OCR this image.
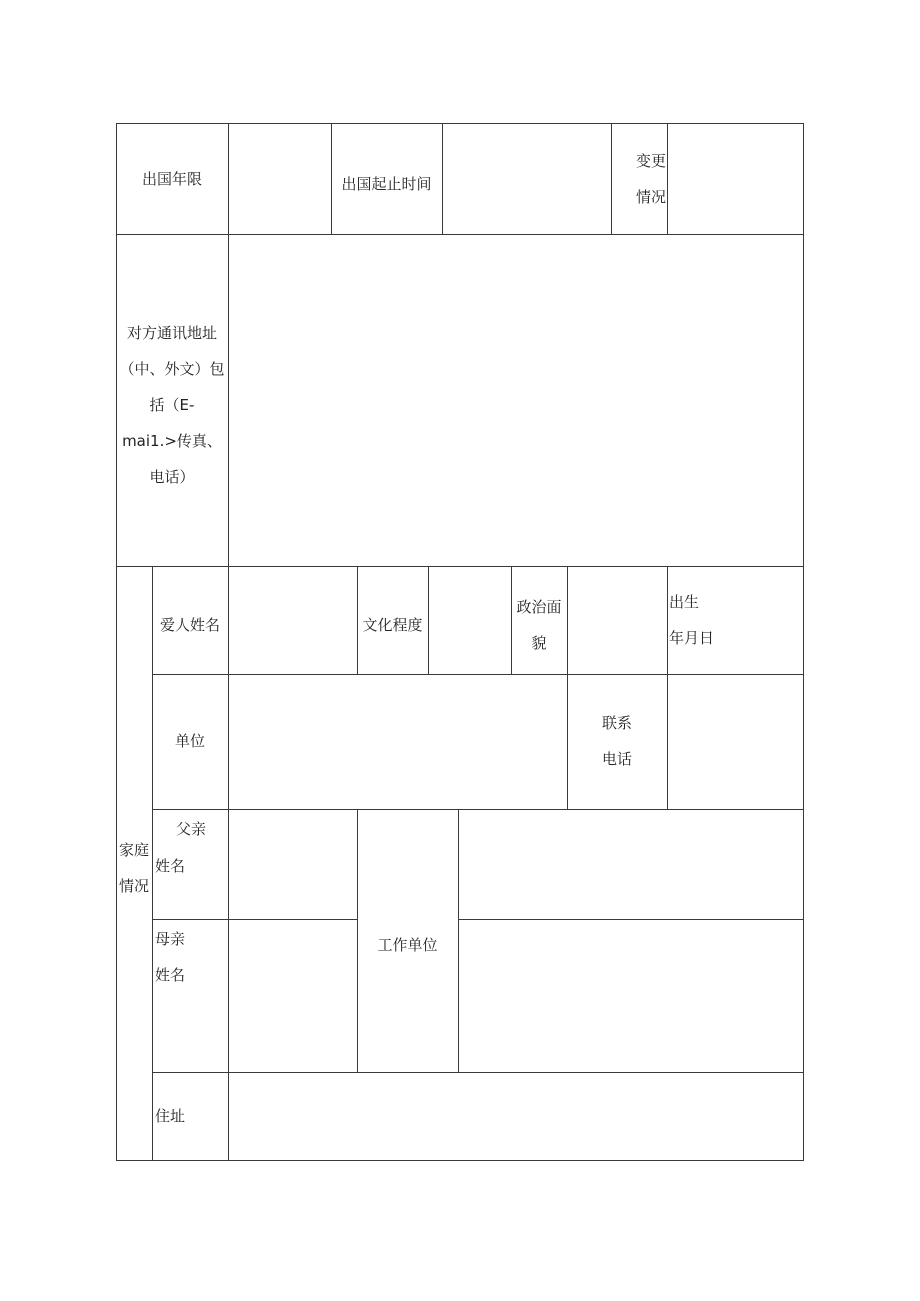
出国年限	出国起止时间
变更
情况
对方通讯地址
（中、外文）包
括（E-
mai1.>传真、
电话）
家庭
情况
爱人姓名	文化程度
政治面
貌
出生
年月日
单位
联系
电话
父亲
姓名
母亲
姓名
工作单位
住址
